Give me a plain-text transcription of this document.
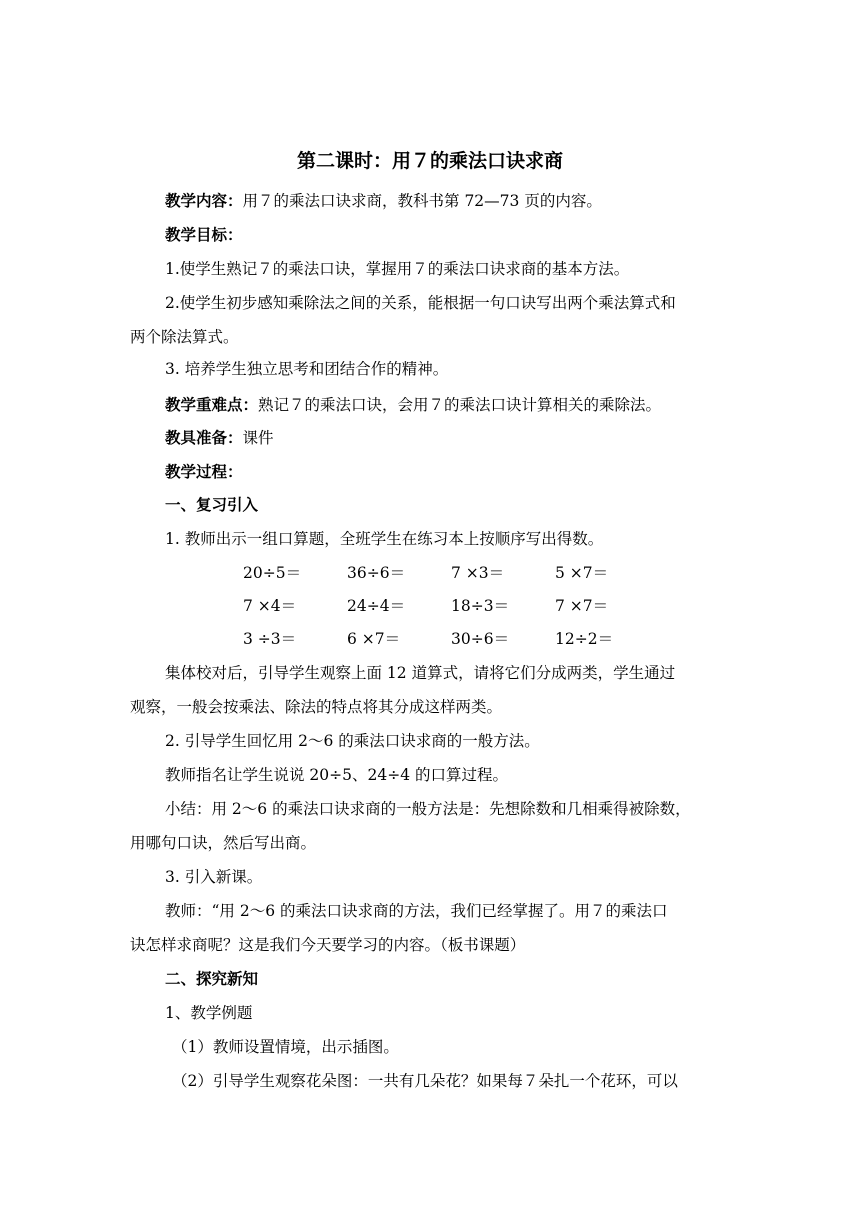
第二课时：用７的乘法口诀求商
教学内容：用７的乘法口诀求商，教科书第 72—73 页的内容。
教学目标：
1.使学生熟记７的乘法口诀，掌握用７的乘法口诀求商的基本方法。
2.使学生初步感知乘除法之间的关系，能根据一句口诀写出两个乘法算式和
两个除法算式。
3. 培养学生独立思考和团结合作的精神。
教学重难点：熟记７的乘法口诀，会用７的乘法口诀计算相关的乘除法。
教具准备：课件
教学过程：
一、复习引入
1. 教师出示一组口算题，全班学生在练习本上按顺序写出得数。
20÷5＝	36÷6＝	7 ×3＝	5 ×7＝
7 ×4＝	24÷4＝	18÷3＝	7 ×7＝
3 ÷3＝	6 ×7＝	30÷6＝	12÷2＝
集体校对后，引导学生观察上面 12 道算式，请将它们分成两类，学生通过
观察，一般会按乘法、除法的特点将其分成这样两类。
2. 引导学生回忆用 2～6 的乘法口诀求商的一般方法。
教师指名让学生说说 20÷5、24÷4 的口算过程。
小结：用 2～6 的乘法口诀求商的一般方法是：先想除数和几相乘得被除数，
用哪句口诀，然后写出商。
3. 引入新课。
教师：“用 2～6 的乘法口诀求商的方法，我们已经掌握了。用７的乘法口
诀怎样求商呢？这是我们今天要学习的内容。（板书课题）
二、探究新知
1、教学例题
（1）教师设置情境，出示插图。
（2）引导学生观察花朵图：一共有几朵花？如果每７朵扎一个花环，可以
